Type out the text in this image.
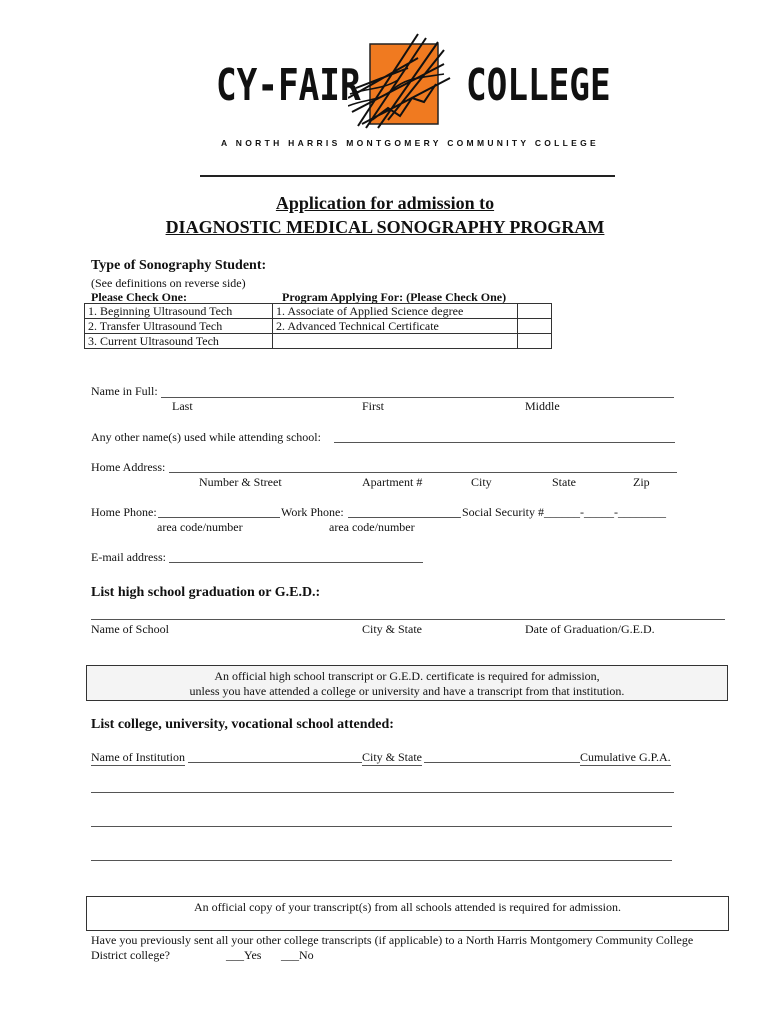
CY-FAIR COLLEGE
A NORTH HARRIS MONTGOMERY COMMUNITY COLLEGE
Application for admission to
DIAGNOSTIC MEDICAL SONOGRAPHY PROGRAM
Type of Sonography Student:
(See definitions on reverse side)
Please Check One:	Program Applying For: (Please Check One)
1. Beginning Ultrasound Tech	1. Associate of Applied Science degree	
2. Transfer Ultrasound Tech	2. Advanced Technical Certificate	
3. Current Ultrasound Tech		
Name in Full:
Last	First	Middle
Any other name(s) used while attending school:
Home Address:
Number & Street	Apartment #	City	State	Zip
Home Phone:	Work Phone:	Social Security #______-_____-________
area code/number	area code/number
E-mail address:
List high school graduation or G.E.D.:
Name of School	City & State	Date of Graduation/G.E.D.
An official high school transcript or G.E.D. certificate is required for admission,
unless you have attended a college or university and have a transcript from that institution.
List college, university, vocational school attended:
Name of Institution	City & State	Cumulative G.P.A.
An official copy of your transcript(s) from all schools attended is required for admission.
Have you previously sent all your other college transcripts (if applicable) to a North Harris Montgomery Community College
District college?	___Yes ___No
